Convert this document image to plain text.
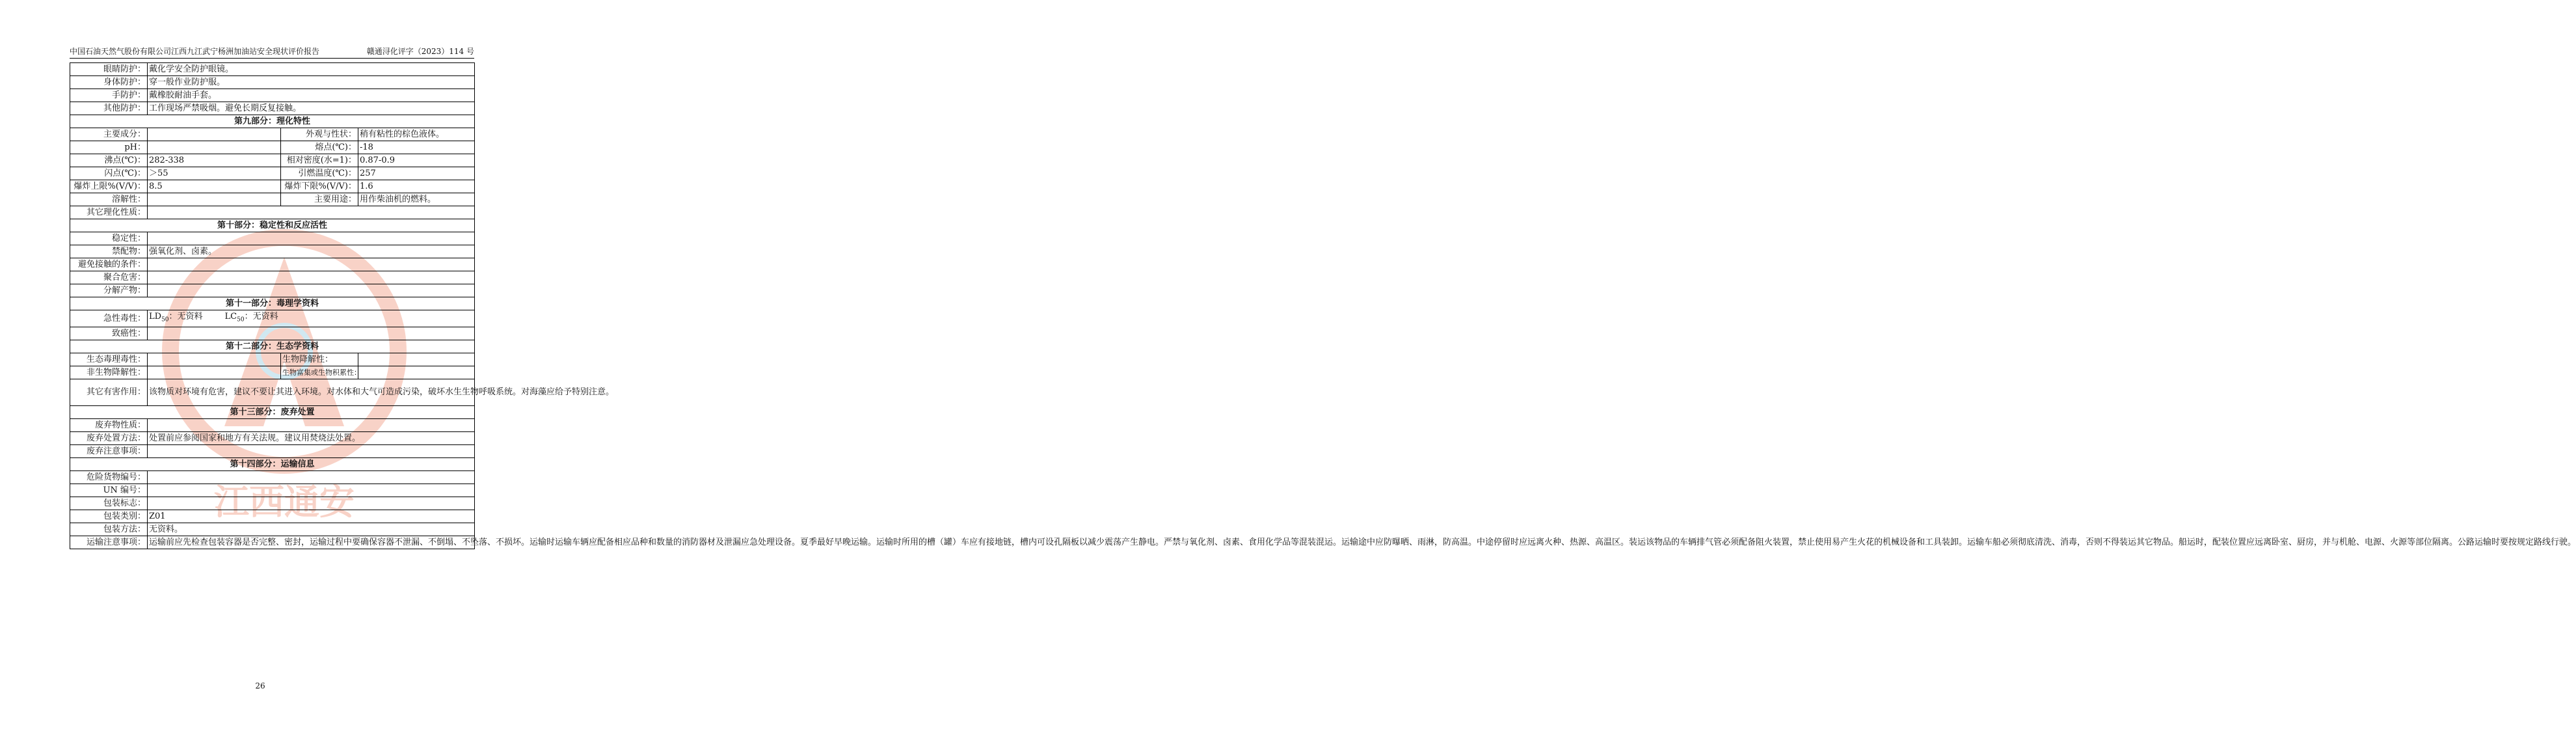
中国石油天然气股份有限公司江西九江武宁杨洲加油站安全现状评价报告	赣通浔化评字（2023）114 号
江西通安
眼睛防护：	戴化学安全防护眼镜。		
身体防护：	穿一般作业防护服。		
手防护：	戴橡胶耐油手套。		
其他防护：	工作现场严禁吸烟。避免长期反复接触。		
第九部分：理化特性			
主要成分：		外观与性状：	稍有粘性的棕色液体。
pH：		熔点(℃)：	-18
沸点(℃)：	282-338	相对密度(水=1)：	0.87-0.9
闪点(℃)：	＞55	引燃温度(℃)：	257
爆炸上限%(V/V)：	8.5	爆炸下限%(V/V)：	1.6
溶解性：		主要用途：	用作柴油机的燃料。
其它理化性质：			
第十部分：稳定性和反应活性			
稳定性：			
禁配物：	强氧化剂、卤素。		
避免接触的条件：			
聚合危害：			
分解产物：			
第十一部分：毒理学资料			
急性毒性：	$LD_{50}$：无资料 $LC_{50}$：无资料		
致癌性：			
第十二部分：生态学资料			
生态毒理毒性：		生物降解性：	
非生物降解性：		生物富集或生物积累性：	
其它有害作用：	该物质对环境有危害，建议不要让其进入环境。对水体和大气可造成污染，破坏水生生物呼吸系统。对海藻应给予特别注意。		
第十三部分：废弃处置			
废弃物性质：			
废弃处置方法：	处置前应参阅国家和地方有关法规。建议用焚烧法处置。		
废弃注意事项：			
第十四部分：运输信息			
危险货物编号：			
UN 编号：			
包装标志：			
包装类别：	Z01		
包装方法：	无资料。		
运输注意事项：	运输前应先检查包装容器是否完整、密封，运输过程中要确保容器不泄漏、不倒塌、不坠落、不损坏。运输时运输车辆应配备相应品种和数量的消防器材及泄漏应急处理设备。夏季最好早晚运输。运输时所用的槽（罐）车应有接地链，槽内可设孔隔板以减少震荡产生静电。严禁与氧化剂、卤素、食用化学品等混装混运。运输途中应防曝晒、雨淋，防高温。中途停留时应远离火种、热源、高温区。装运该物品的车辆排气管必须配备阻火装置，禁止使用易产生火花的机械设备和工具装卸。运输车船必须彻底清洗、消毒，否则不得装运其它物品。船运时，配装位置应远离卧室、厨房，并与机舱、电源、火源等部位隔离。公路运输时要按规定路线行驶。		
26
